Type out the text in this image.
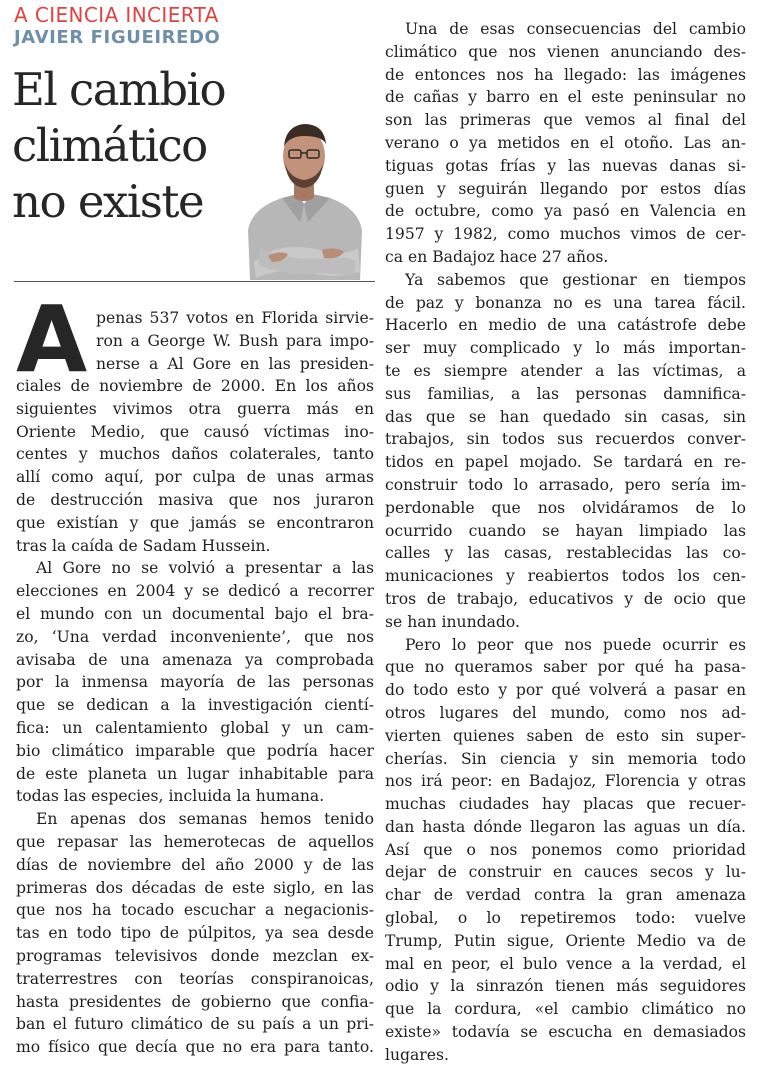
A CIENCIA INCIERTA
JAVIER FIGUEIREDO
El cambio
climático
no existe
A penas 537 votos en Florida sirvie-
ron a George W. Bush para impo-
nerse a Al Gore en las presiden-
ciales de noviembre de 2000. En los años
siguientes vivimos otra guerra más en
Oriente Medio, que causó víctimas ino-
centes y muchos daños colaterales, tanto
allí como aquí, por culpa de unas armas
de destrucción masiva que nos juraron
que existían y que jamás se encontraron
tras la caída de Sadam Hussein.
Al Gore no se volvió a presentar a las
elecciones en 2004 y se dedicó a recorrer
el mundo con un documental bajo el bra-
zo, ‘Una verdad inconveniente’, que nos
avisaba de una amenaza ya comprobada
por la inmensa mayoría de las personas
que se dedican a la investigación cientí-
fica: un calentamiento global y un cam-
bio climático imparable que podría hacer
de este planeta un lugar inhabitable para
todas las especies, incluida la humana.
En apenas dos semanas hemos tenido
que repasar las hemerotecas de aquellos
días de noviembre del año 2000 y de las
primeras dos décadas de este siglo, en las
que nos ha tocado escuchar a negacionis-
tas en todo tipo de púlpitos, ya sea desde
programas televisivos donde mezclan ex-
traterrestres con teorías conspiranoicas,
hasta presidentes de gobierno que confia-
ban el futuro climático de su país a un pri-
mo físico que decía que no era para tanto.
Una de esas consecuencias del cambio
climático que nos vienen anunciando des-
de entonces nos ha llegado: las imágenes
de cañas y barro en el este peninsular no
son las primeras que vemos al final del
verano o ya metidos en el otoño. Las an-
tiguas gotas frías y las nuevas danas si-
guen y seguirán llegando por estos días
de octubre, como ya pasó en Valencia en
1957 y 1982, como muchos vimos de cer-
ca en Badajoz hace 27 años.
Ya sabemos que gestionar en tiempos
de paz y bonanza no es una tarea fácil.
Hacerlo en medio de una catástrofe debe
ser muy complicado y lo más importan-
te es siempre atender a las víctimas, a
sus familias, a las personas damnifica-
das que se han quedado sin casas, sin
trabajos, sin todos sus recuerdos conver-
tidos en papel mojado. Se tardará en re-
construir todo lo arrasado, pero sería im-
perdonable que nos olvidáramos de lo
ocurrido cuando se hayan limpiado las
calles y las casas, restablecidas las co-
municaciones y reabiertos todos los cen-
tros de trabajo, educativos y de ocio que
se han inundado.
Pero lo peor que nos puede ocurrir es
que no queramos saber por qué ha pasa-
do todo esto y por qué volverá a pasar en
otros lugares del mundo, como nos ad-
vierten quienes saben de esto sin super-
cherías. Sin ciencia y sin memoria todo
nos irá peor: en Badajoz, Florencia y otras
muchas ciudades hay placas que recuer-
dan hasta dónde llegaron las aguas un día.
Así que o nos ponemos como prioridad
dejar de construir en cauces secos y lu-
char de verdad contra la gran amenaza
global, o lo repetiremos todo: vuelve
Trump, Putin sigue, Oriente Medio va de
mal en peor, el bulo vence a la verdad, el
odio y la sinrazón tienen más seguidores
que la cordura, «el cambio climático no
existe» todavía se escucha en demasiados
lugares.
